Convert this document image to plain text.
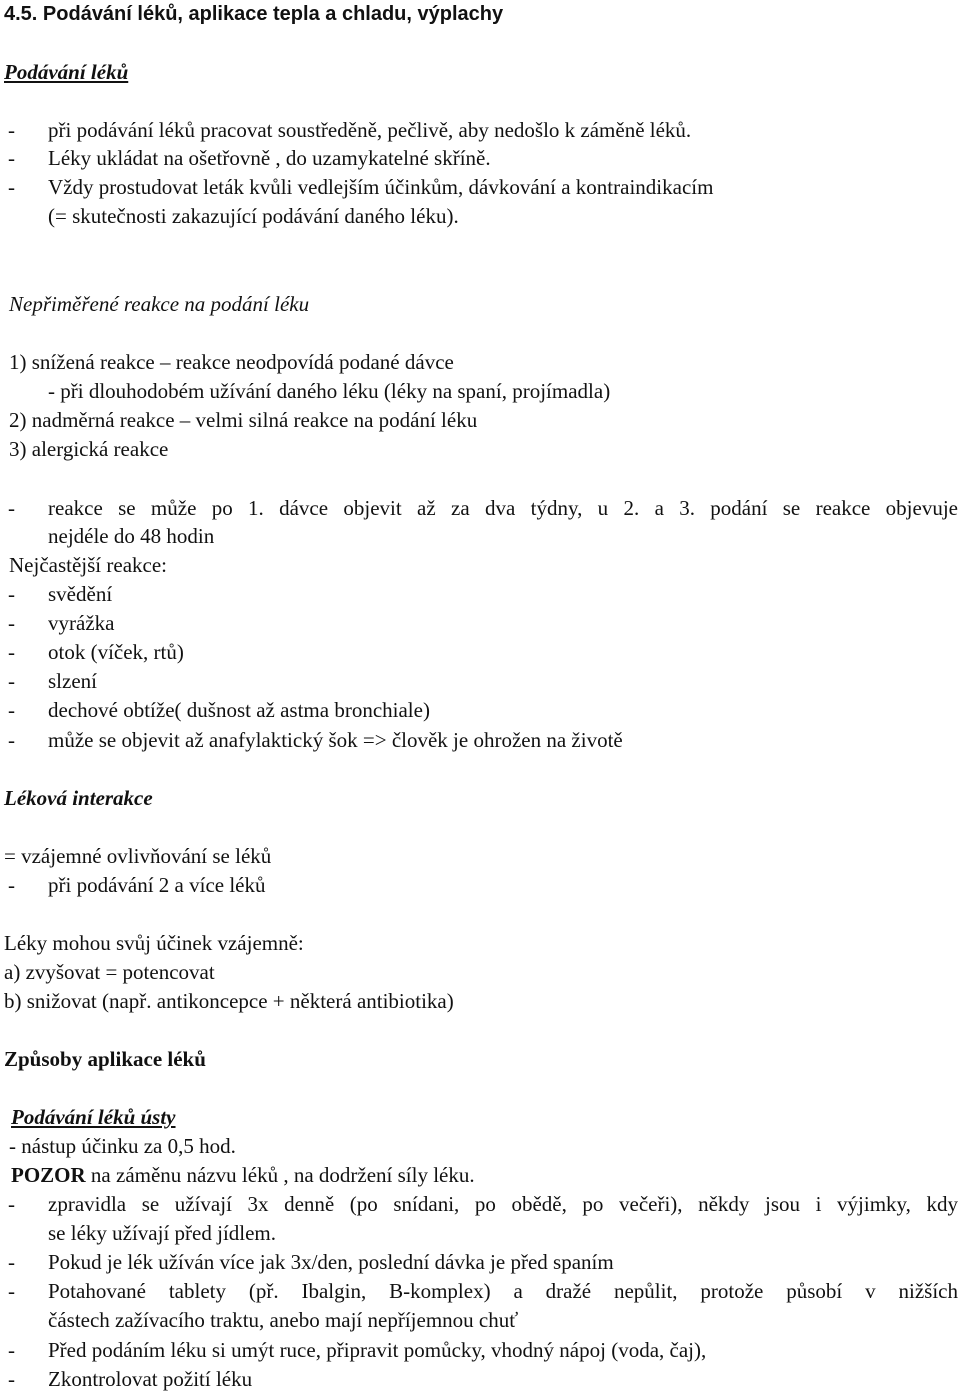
4.5. Podávání léků, aplikace tepla a chladu, výplachy
Podávání léků
- při podávání léků pracovat soustředěně, pečlivě, aby nedošlo k záměně léků.
- Léky ukládat na ošetřovně , do uzamykatelné skříně.
- Vždy prostudovat leták kvůli vedlejším účinkům, dávkování a kontraindikacím
(= skutečnosti zakazující podávání daného léku).
Nepřiměřené reakce na podání léku
1) snížená reakce – reakce neodpovídá podané dávce
- při dlouhodobém užívání daného léku (léky na spaní, projímadla)
2) nadměrná reakce – velmi silná reakce na podání léku
3) alergická reakce
- reakce se může po 1. dávce objevit až za dva týdny, u 2. a 3. podání se reakce objevuje
nejdéle do 48 hodin
Nejčastější reakce:
- svědění
- vyrážka
- otok (víček, rtů)
- slzení
- dechové obtíže( dušnost až astma bronchiale)
- může se objevit až anafylaktický šok => člověk je ohrožen na životě
Léková interakce
= vzájemné ovlivňování se léků
- při podávání 2 a více léků
Léky mohou svůj účinek vzájemně:
a) zvyšovat = potencovat
b) snižovat (např. antikoncepce + některá antibiotika)
Způsoby aplikace léků
Podávání léků ústy
- nástup účinku za 0,5 hod.
POZOR na záměnu názvu léků , na dodržení síly léku.
- zpravidla se užívají 3x denně (po snídani, po obědě, po večeři), někdy jsou i výjimky, kdy
se léky užívají před jídlem.
- Pokud je lék užíván více jak 3x/den, poslední dávka je před spaním
- Potahované tablety (př. Ibalgin, B-komplex) a dražé nepůlit, protože působí v nižších
částech zažívacího traktu, anebo mají nepříjemnou chuť
- Před podáním léku si umýt ruce, připravit pomůcky, vhodný nápoj (voda, čaj),
- Zkontrolovat požití léku
